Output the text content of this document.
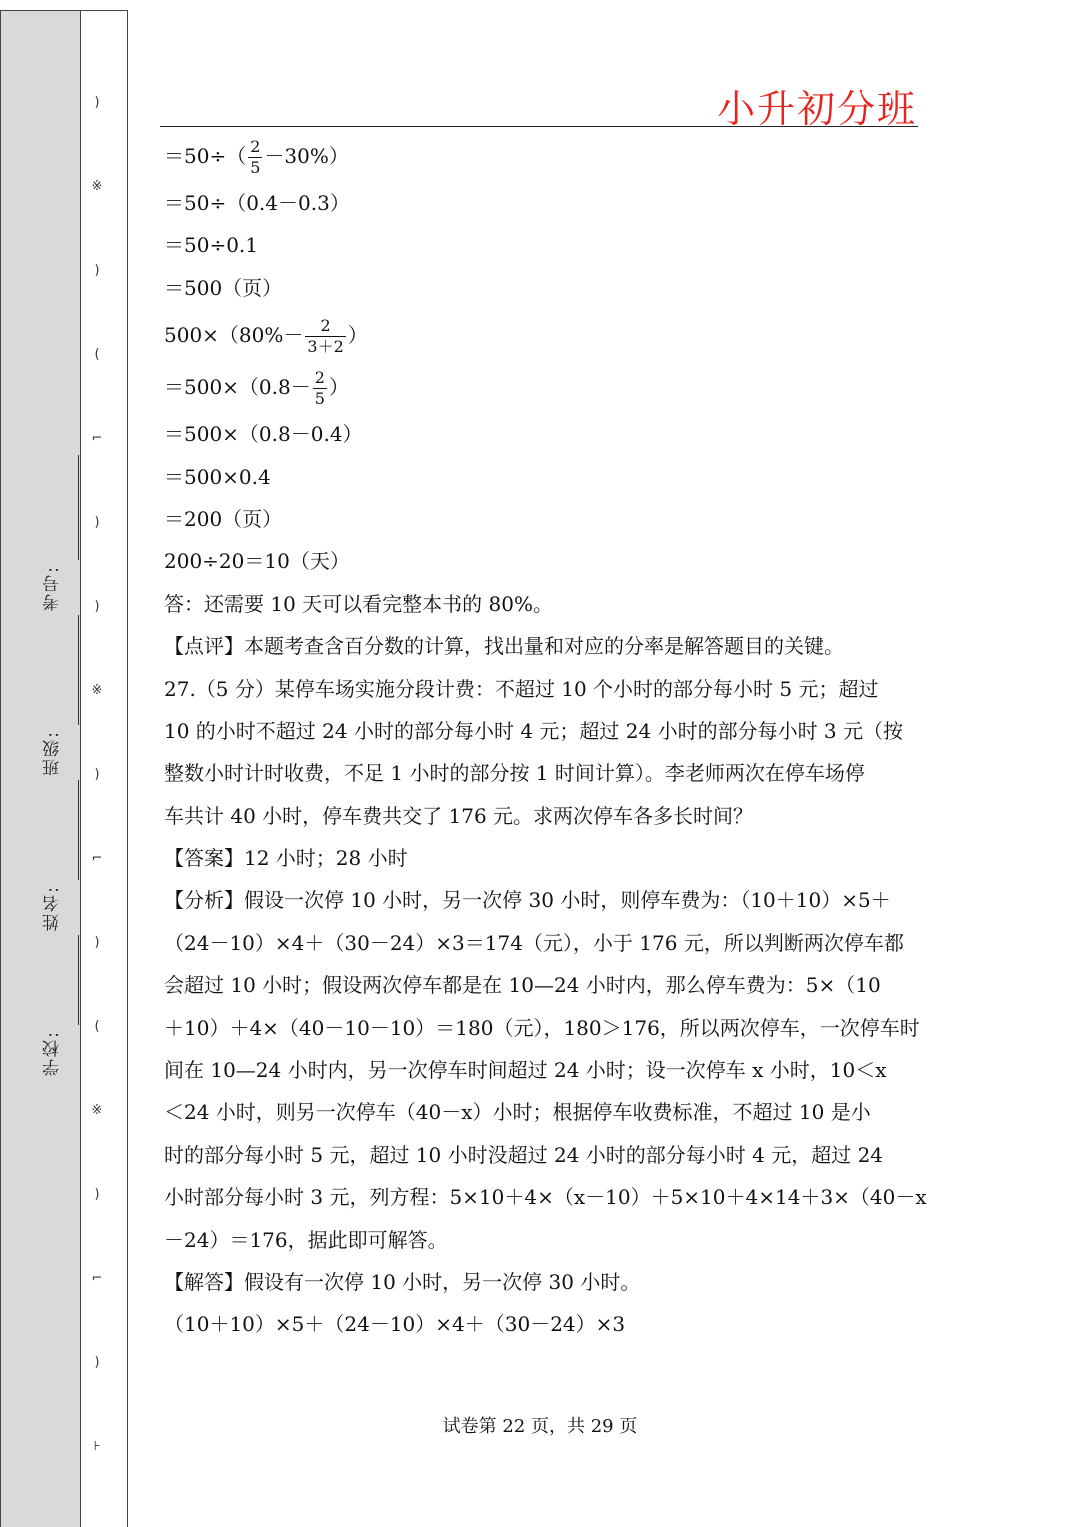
)
※
)
(
⌐
)
)
※
)
⌐
)
(
※
)
⌐
)
⊦
学校:
姓名:
班级:
考号:
小升初分班
$=50\div( \frac{2}{5} -30\%)$
＝50÷（0.4－0.3）
＝50÷0.1
＝500（页）
$500\times(80\%- \frac{2}{3+2}$ ）
$=500\times(0.8- \frac{2}{5}$ ）
＝500×（0.8－0.4）
＝500×0.4
＝200（页）
200÷20＝10（天）
答：还需要 10 天可以看完整本书的 80%。
【点评】本题考查含百分数的计算，找出量和对应的分率是解答题目的关键。
27.（5 分）某停车场实施分段计费：不超过 10 个小时的部分每小时 5 元；超过
10 的小时不超过 24 小时的部分每小时 4 元；超过 24 小时的部分每小时 3 元（按
整数小时计时收费，不足 1 小时的部分按 1 时间计算）。李老师两次在停车场停
车共计 40 小时，停车费共交了 176 元。求两次停车各多长时间？
【答案】12 小时；28 小时
【分析】假设一次停 10 小时，另一次停 30 小时，则停车费为：（10＋10）×5＋
（24－10）×4＋（30－24）×3＝174（元），小于 176 元，所以判断两次停车都
会超过 10 小时；假设两次停车都是在 10—24 小时内，那么停车费为：5×（10
＋10）＋4×（40－10－10）＝180（元），180＞176，所以两次停车，一次停车时
间在 10—24 小时内，另一次停车时间超过 24 小时；设一次停车 x 小时，10＜x
＜24 小时，则另一次停车（40－x）小时；根据停车收费标准，不超过 10 是小
时的部分每小时 5 元，超过 10 小时没超过 24 小时的部分每小时 4 元，超过 24
小时部分每小时 3 元，列方程：5×10＋4×（x－10）＋5×10＋4×14＋3×（40－x
－24）＝176，据此即可解答。
【解答】假设有一次停 10 小时，另一次停 30 小时。
（10＋10）×5＋（24－10）×4＋（30－24）×3
试卷第 22 页，共 29 页
